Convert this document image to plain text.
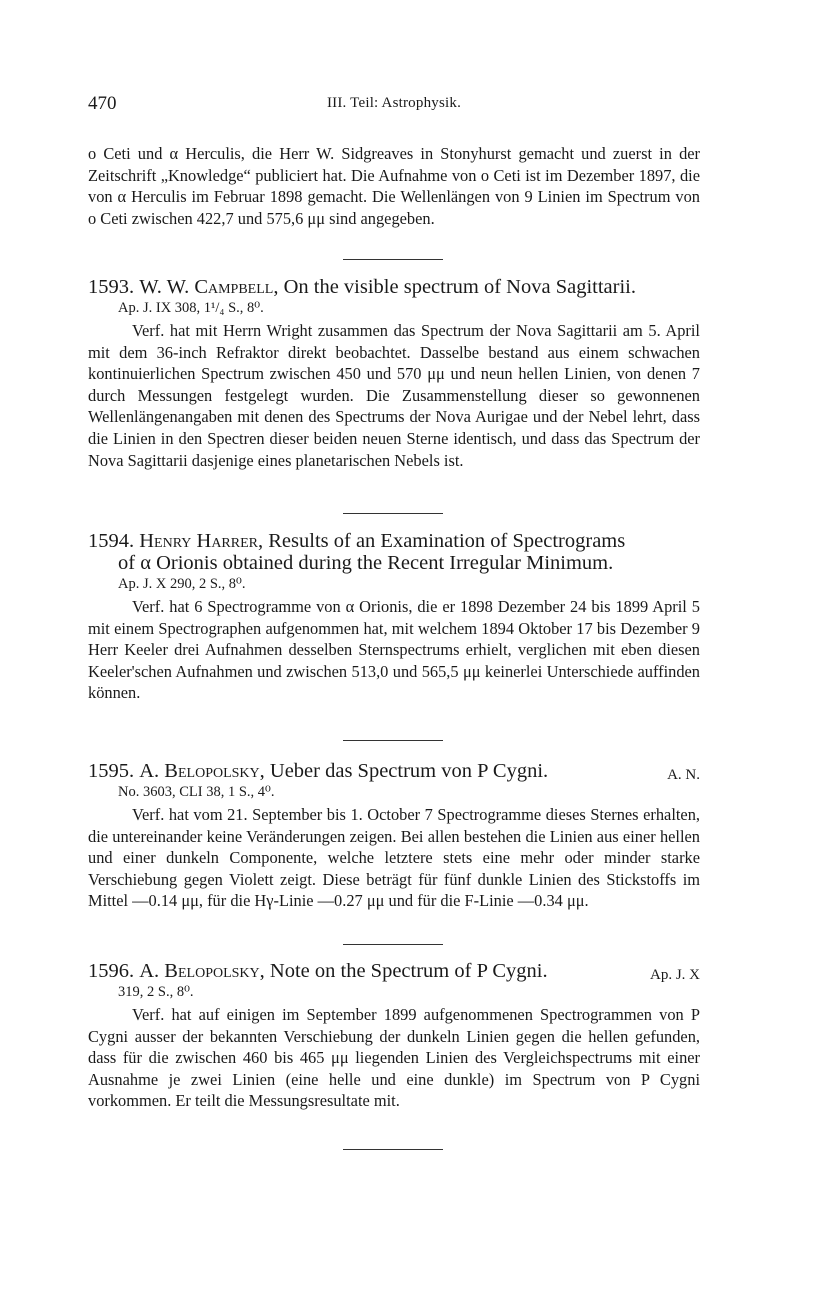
470	III. Teil: Astrophysik.

o Ceti und α Herculis, die Herr W. Sidgreaves in Stonyhurst gemacht und zuerst in der Zeitschrift „Knowledge“ publiciert hat. Die Aufnahme von o Ceti ist im Dezember 1897, die von α Herculis im Februar 1898 gemacht. Die Wellenlängen von 9 Linien im Spectrum von o Ceti zwischen 422,7 und 575,6 μμ sind angegeben.

1593. W. W. Campbell, On the visible spectrum of Nova Sagittarii.

Ap. J. IX 308, 1¹/₄ S., 8⁰.

Verf. hat mit Herrn Wright zusammen das Spectrum der Nova Sagittarii am 5. April mit dem 36-inch Refraktor direkt beobachtet. Dasselbe bestand aus einem schwachen kontinuierlichen Spectrum zwischen 450 und 570 μμ und neun hellen Linien, von denen 7 durch Messungen festgelegt wurden. Die Zusammenstellung dieser so gewonnenen Wellenlängenangaben mit denen des Spectrums der Nova Aurigae und der Nebel lehrt, dass die Linien in den Spectren dieser beiden neuen Sterne identisch, und dass das Spectrum der Nova Sagittarii dasjenige eines planetarischen Nebels ist.

1594. Henry Harrer, Results of an Examination of Spectrograms

of α Orionis obtained during the Recent Irregular Minimum.

Ap. J. X 290, 2 S., 8⁰.

Verf. hat 6 Spectrogramme von α Orionis, die er 1898 Dezember 24 bis 1899 April 5 mit einem Spectrographen aufgenommen hat, mit welchem 1894 Oktober 17 bis Dezember 9 Herr Keeler drei Aufnahmen desselben Sternspectrums erhielt, verglichen mit eben diesen Keeler'schen Aufnahmen und zwischen 513,0 und 565,5 μμ keinerlei Unterschiede auffinden können.

1595. A. Belopolsky, Ueber das Spectrum von P Cygni.	A. N.

No. 3603, CLI 38, 1 S., 4⁰.

Verf. hat vom 21. September bis 1. October 7 Spectrogramme dieses Sternes erhalten, die untereinander keine Veränderungen zeigen. Bei allen bestehen die Linien aus einer hellen und einer dunkeln Componente, welche letztere stets eine mehr oder minder starke Verschiebung gegen Violett zeigt. Diese beträgt für fünf dunkle Linien des Stickstoffs im Mittel —0.14 μμ, für die Hγ-Linie —0.27 μμ und für die F-Linie —0.34 μμ.

1596. A. Belopolsky, Note on the Spectrum of P Cygni.	Ap. J. X

319, 2 S., 8⁰.

Verf. hat auf einigen im September 1899 aufgenommenen Spectrogrammen von P Cygni ausser der bekannten Verschiebung der dunkeln Linien gegen die hellen gefunden, dass für die zwischen 460 bis 465 μμ liegenden Linien des Vergleichspectrums mit einer Ausnahme je zwei Linien (eine helle und eine dunkle) im Spectrum von P Cygni vorkommen. Er teilt die Messungsresultate mit.
